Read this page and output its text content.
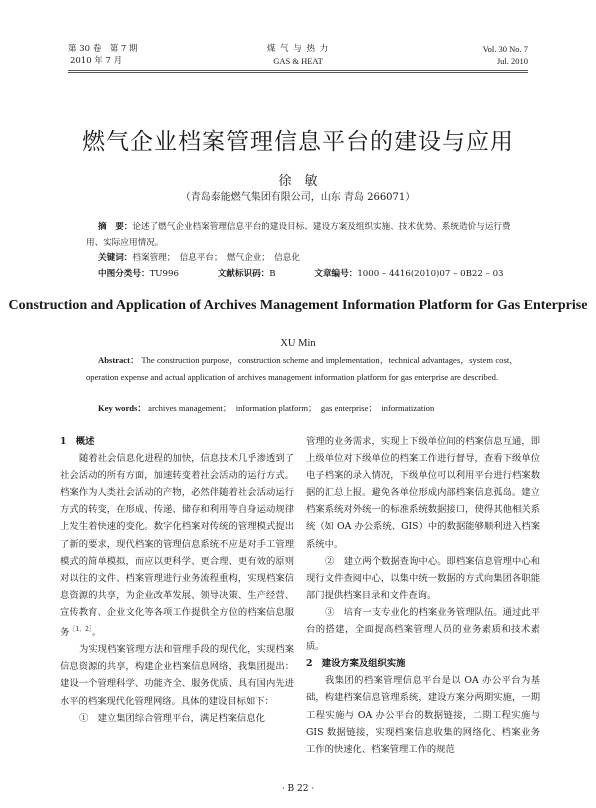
第 30 卷　第 7 期
2010 年 7 月
煤 气 与 热 力
GAS & HEAT
Vol. 30 No. 7
Jul. 2010
燃气企业档案管理信息平台的建设与应用
徐　敏
（青岛泰能燃气集团有限公司，山东 青岛 266071）
摘　要：论述了燃气企业档案管理信息平台的建设目标、建设方案及组织实施、技术优势、系统造价与运行费用、实际应用情况。
关键词：档案管理；　信息平台；　燃气企业；　信息化
中图分类号：TU996	文献标识码：B	文章编号：1000 – 4416(2010)07 – 0B22 – 03
Construction and Application of Archives Management Information Platform for Gas Enterprise
XU Min
Abstract： The construction purpose，construction scheme and implementation，technical advantages，system cost，operation expense and actual application of archives management information platform for gas enterprise are described.
Key words： archives management；　information platform；　gas enterprise；　informatization

1　概述

随着社会信息化进程的加快，信息技术几乎渗透到了社会活动的所有方面，加速转变着社会活动的运行方式。档案作为人类社会活动的产物，必然伴随着社会活动运行方式的转变，在形成、传递、储存和利用等自身运动规律上发生着快速的变化。数字化档案对传统的管理模式提出了新的要求，现代档案的管理信息系统不应是对手工管理模式的简单模拟，而应以更科学、更合理、更有效的原则对以往的文件、档案管理进行业务流程重构，实现档案信息资源的共享，为企业改革发展、领导决策、生产经营、宣传教育、企业文化等各项工作提供全方位的档案信息服务$^{[1,2]}$。

为实现档案管理方法和管理手段的现代化，实现档案信息资源的共享，构建企业档案信息网络，我集团提出：建设一个管理科学、功能齐全、服务优质、具有国内先进水平的档案现代化管理网络。具体的建设目标如下：

①　建立集团综合管理平台，满足档案信息化

管理的业务需求，实现上下级单位间的档案信息互通，即上级单位对下级单位的档案工作进行督导，查看下级单位电子档案的录入情况，下级单位可以利用平台进行档案数据的汇总上报。避免各单位形成内部档案信息孤岛。建立档案系统对外统一的标准系统数据接口，使得其他相关系统（如 OA 办公系统、GIS）中的数据能够顺利进入档案系统中。

②　建立两个数据查询中心。即档案信息管理中心和现行文件查阅中心，以集中统一数据的方式向集团各职能部门提供档案目录和文件查询。

③　培育一支专业化的档案业务管理队伍。通过此平台的搭建，全面提高档案管理人员的业务素质和技术素质。

2　建设方案及组织实施

我集团的档案管理信息平台是以 OA 办公平台为基础，构建档案信息管理系统，建设方案分两期实施，一期工程实施与 OA 办公平台的数据链接，二期工程实施与 GIS 数据链接，实现档案信息收集的网络化、档案业务工作的快速化、档案管理工作的规范

· B 22 ·
